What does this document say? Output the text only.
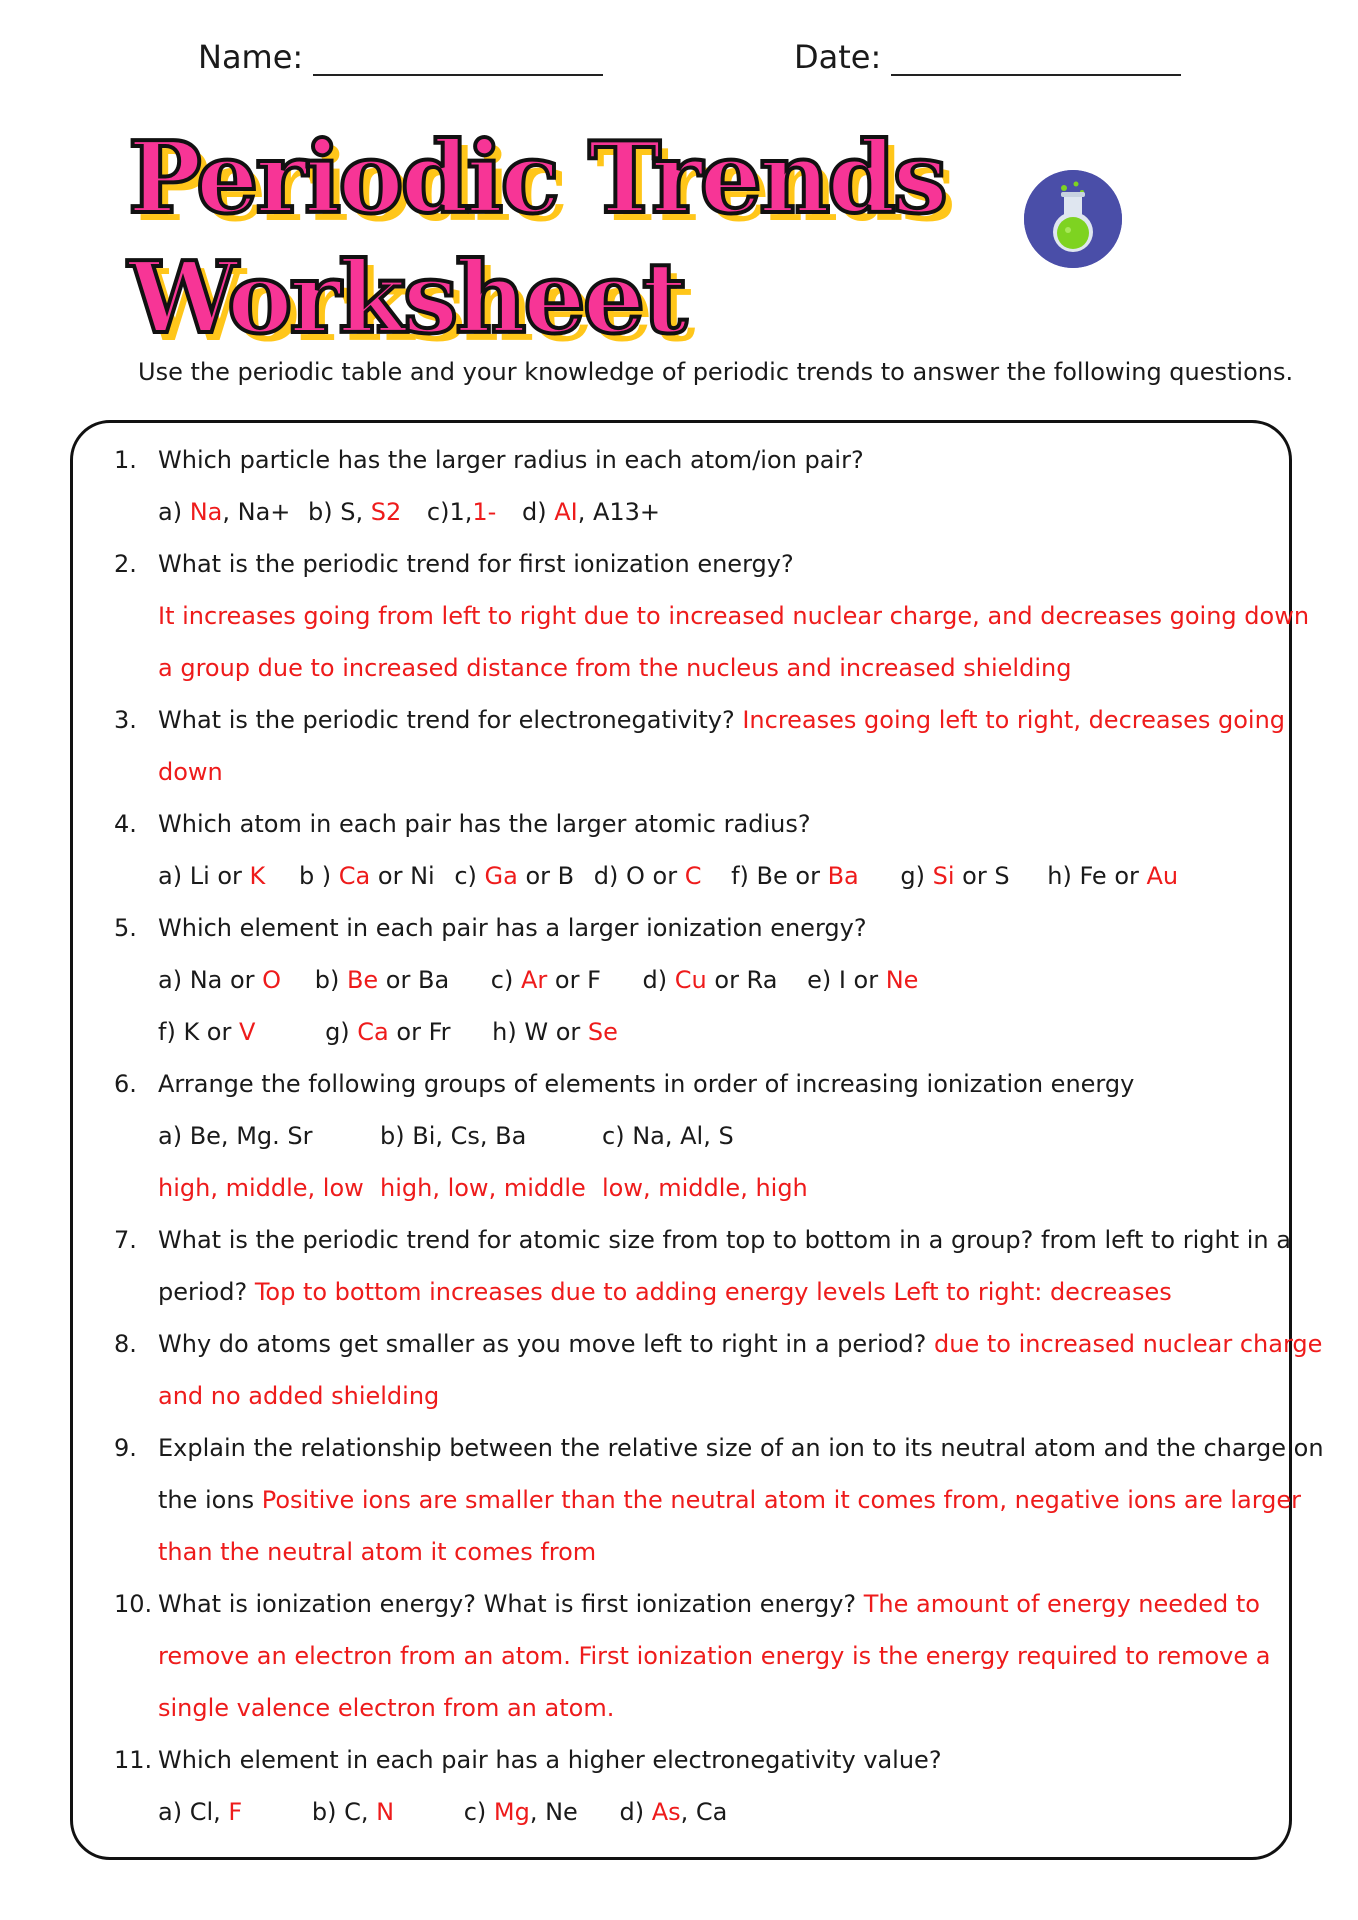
Name:	Date:
Periodic Trends
Worksheet
Use the periodic table and your knowledge of periodic trends to answer the following questions.
1. Which particle has the larger radius in each atom/ion pair?
a) Na, Na+ b) S, S2 c)1,1- d) AI, A13+
2. What is the periodic trend for first ionization energy?
It increases going from left to right due to increased nuclear charge, and decreases going down
a group due to increased distance from the nucleus and increased shielding
3. What is the periodic trend for electronegativity? Increases going left to right, decreases going
down
4. Which atom in each pair has the larger atomic radius?
a) Li or K b ) Ca or Ni c) Ga or B d) O or C f) Be or Ba g) Si or S h) Fe or Au
5. Which element in each pair has a larger ionization energy?
a) Na or O b) Be or Ba c) Ar or F d) Cu or Ra e) I or Ne
f) K or V	g) Ca or Fr h) W or Se
6. Arrange the following groups of elements in order of increasing ionization energy
a) Be, Mg. Sr	b) Bi, Cs, Ba	c) Na, Al, S
high, middle, low high, low, middle low, middle, high
7. What is the periodic trend for atomic size from top to bottom in a group? from left to right in a
period? Top to bottom increases due to adding energy levels Left to right: decreases
8. Why do atoms get smaller as you move left to right in a period? due to increased nuclear charge
and no added shielding
9. Explain the relationship between the relative size of an ion to its neutral atom and the charge on
the ions Positive ions are smaller than the neutral atom it comes from, negative ions are larger
than the neutral atom it comes from
10. What is ionization energy? What is first ionization energy? The amount of energy needed to
remove an electron from an atom. First ionization energy is the energy required to remove a
single valence electron from an atom.
11. Which element in each pair has a higher electronegativity value?
a) Cl, F	b) C, N	c) Mg, Ne d) As, Ca
